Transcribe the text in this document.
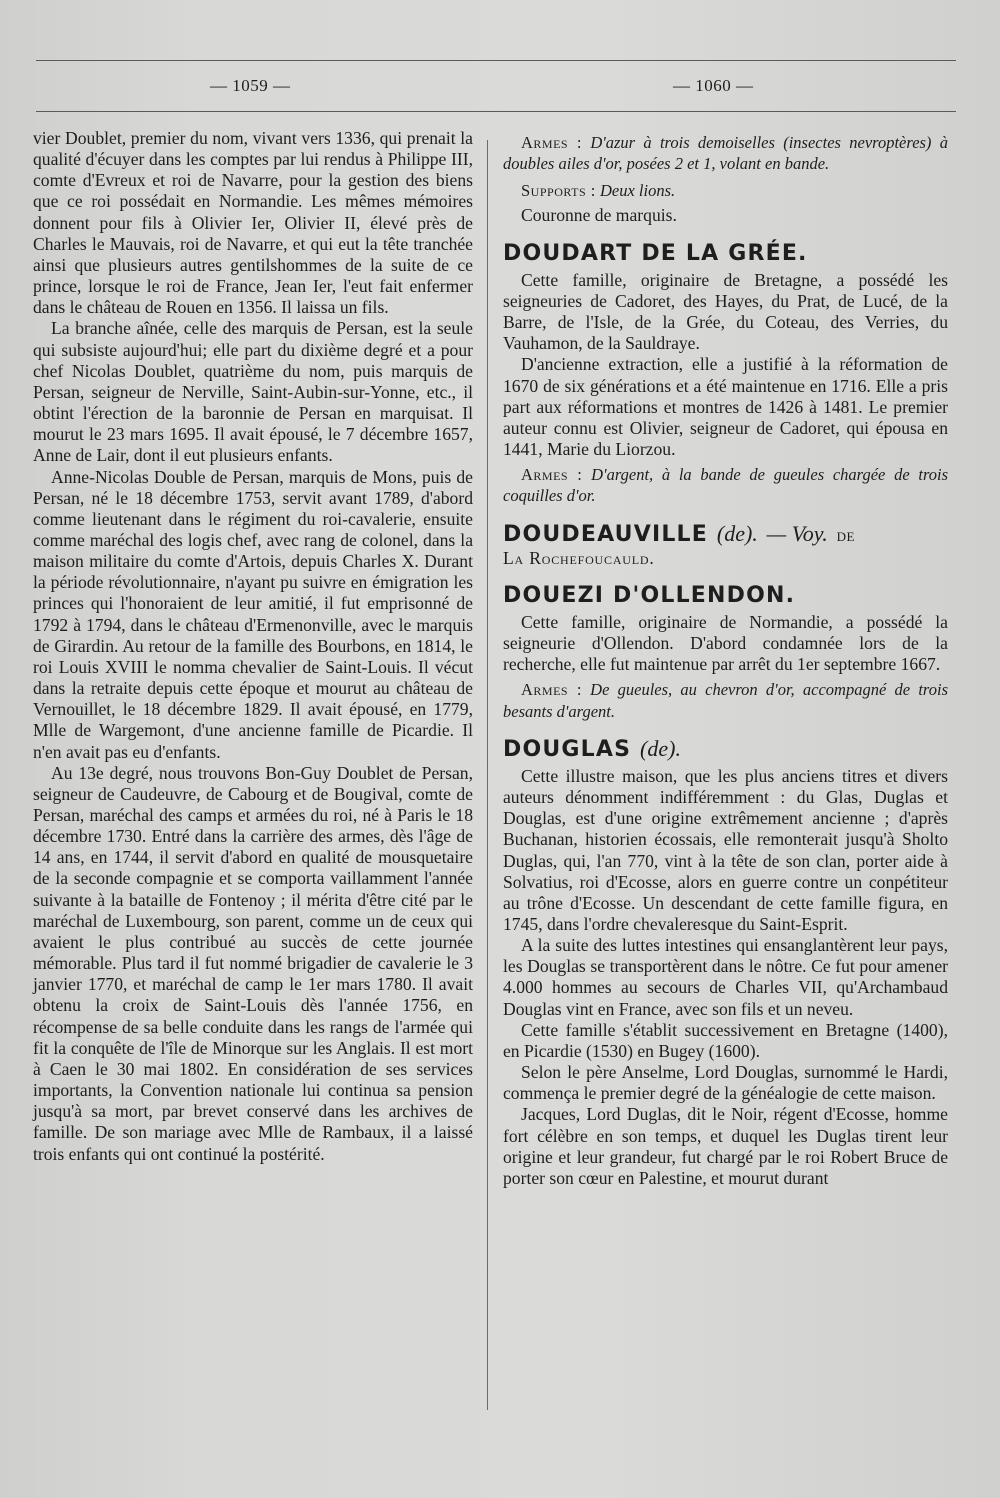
— 1059 —	— 1060 —

vier Doublet, premier du nom, vivant vers 1336, qui prenait la qualité d'écuyer dans les comptes par lui rendus à Philippe III, comte d'Evreux et roi de Navarre, pour la gestion des biens que ce roi possédait en Normandie. Les mêmes mémoires donnent pour fils à Olivier Ier, Olivier II, élevé près de Charles le Mauvais, roi de Navarre, et qui eut la tête tranchée ainsi que plusieurs autres gentilshommes de la suite de ce prince, lorsque le roi de France, Jean Ier, l'eut fait enfermer dans le château de Rouen en 1356. Il laissa un fils.

La branche aînée, celle des marquis de Persan, est la seule qui subsiste aujourd'hui; elle part du dixième degré et a pour chef Nicolas Doublet, quatrième du nom, puis marquis de Persan, seigneur de Nerville, Saint-Aubin-sur-Yonne, etc., il obtint l'érection de la baronnie de Persan en marquisat. Il mourut le 23 mars 1695. Il avait épousé, le 7 décembre 1657, Anne de Lair, dont il eut plusieurs enfants.

Anne-Nicolas Double de Persan, marquis de Mons, puis de Persan, né le 18 décembre 1753, servit avant 1789, d'abord comme lieutenant dans le régiment du roi-cavalerie, ensuite comme maréchal des logis chef, avec rang de colonel, dans la maison militaire du comte d'Artois, depuis Charles X. Durant la période révolutionnaire, n'ayant pu suivre en émigration les princes qui l'honoraient de leur amitié, il fut emprisonné de 1792 à 1794, dans le château d'Ermenonville, avec le marquis de Girardin. Au retour de la famille des Bourbons, en 1814, le roi Louis XVIII le nomma chevalier de Saint-Louis. Il vécut dans la retraite depuis cette époque et mourut au château de Vernouillet, le 18 décembre 1829. Il avait épousé, en 1779, Mlle de Wargemont, d'une ancienne famille de Picardie. Il n'en avait pas eu d'enfants.

Au 13e degré, nous trouvons Bon-Guy Doublet de Persan, seigneur de Caudeuvre, de Cabourg et de Bougival, comte de Persan, maréchal des camps et armées du roi, né à Paris le 18 décembre 1730. Entré dans la carrière des armes, dès l'âge de 14 ans, en 1744, il servit d'abord en qualité de mousquetaire de la seconde compagnie et se comporta vaillamment l'année suivante à la bataille de Fontenoy ; il mérita d'être cité par le maréchal de Luxembourg, son parent, comme un de ceux qui avaient le plus contribué au succès de cette journée mémorable. Plus tard il fut nommé brigadier de cavalerie le 3 janvier 1770, et maréchal de camp le 1er mars 1780. Il avait obtenu la croix de Saint-Louis dès l'année 1756, en récompense de sa belle conduite dans les rangs de l'armée qui fit la conquête de l'île de Minorque sur les Anglais. Il est mort à Caen le 30 mai 1802. En considération de ses services importants, la Convention nationale lui continua sa pension jusqu'à sa mort, par brevet conservé dans les archives de famille. De son mariage avec Mlle de Rambaux, il a laissé trois enfants qui ont continué la postérité.

Armes : D'azur à trois demoiselles (insectes nevroptères) à doubles ailes d'or, posées 2 et 1, volant en bande.

Supports : Deux lions.

Couronne de marquis.

DOUDART DE LA GRÉE.

Cette famille, originaire de Bretagne, a possédé les seigneuries de Cadoret, des Hayes, du Prat, de Lucé, de la Barre, de l'Isle, de la Grée, du Coteau, des Verries, du Vauhamon, de la Sauldraye.

D'ancienne extraction, elle a justifié à la réformation de 1670 de six générations et a été maintenue en 1716. Elle a pris part aux réformations et montres de 1426 à 1481. Le premier auteur connu est Olivier, seigneur de Cadoret, qui épousa en 1441, Marie du Liorzou.

Armes : D'argent, à la bande de gueules chargée de trois coquilles d'or.

DOUDEAUVILLE (de). — Voy. de

La Rochefoucauld.

DOUEZI D'OLLENDON.

Cette famille, originaire de Normandie, a possédé la seigneurie d'Ollendon. D'abord condamnée lors de la recherche, elle fut maintenue par arrêt du 1er septembre 1667.

Armes : De gueules, au chevron d'or, accompagné de trois besants d'argent.

DOUGLAS (de).

Cette illustre maison, que les plus anciens titres et divers auteurs dénomment indifféremment : du Glas, Duglas et Douglas, est d'une origine extrêmement ancienne ; d'après Buchanan, historien écossais, elle remonterait jusqu'à Sholto Duglas, qui, l'an 770, vint à la tête de son clan, porter aide à Solvatius, roi d'Ecosse, alors en guerre contre un conpétiteur au trône d'Ecosse. Un descendant de cette famille figura, en 1745, dans l'ordre chevaleresque du Saint-Esprit.

A la suite des luttes intestines qui ensanglantèrent leur pays, les Douglas se transportèrent dans le nôtre. Ce fut pour amener 4.000 hommes au secours de Charles VII, qu'Archambaud Douglas vint en France, avec son fils et un neveu.

Cette famille s'établit successivement en Bretagne (1400), en Picardie (1530) en Bugey (1600).

Selon le père Anselme, Lord Douglas, surnommé le Hardi, commença le premier degré de la généalogie de cette maison.

Jacques, Lord Duglas, dit le Noir, régent d'Ecosse, homme fort célèbre en son temps, et duquel les Duglas tirent leur origine et leur grandeur, fut chargé par le roi Robert Bruce de porter son cœur en Palestine, et mourut durant
